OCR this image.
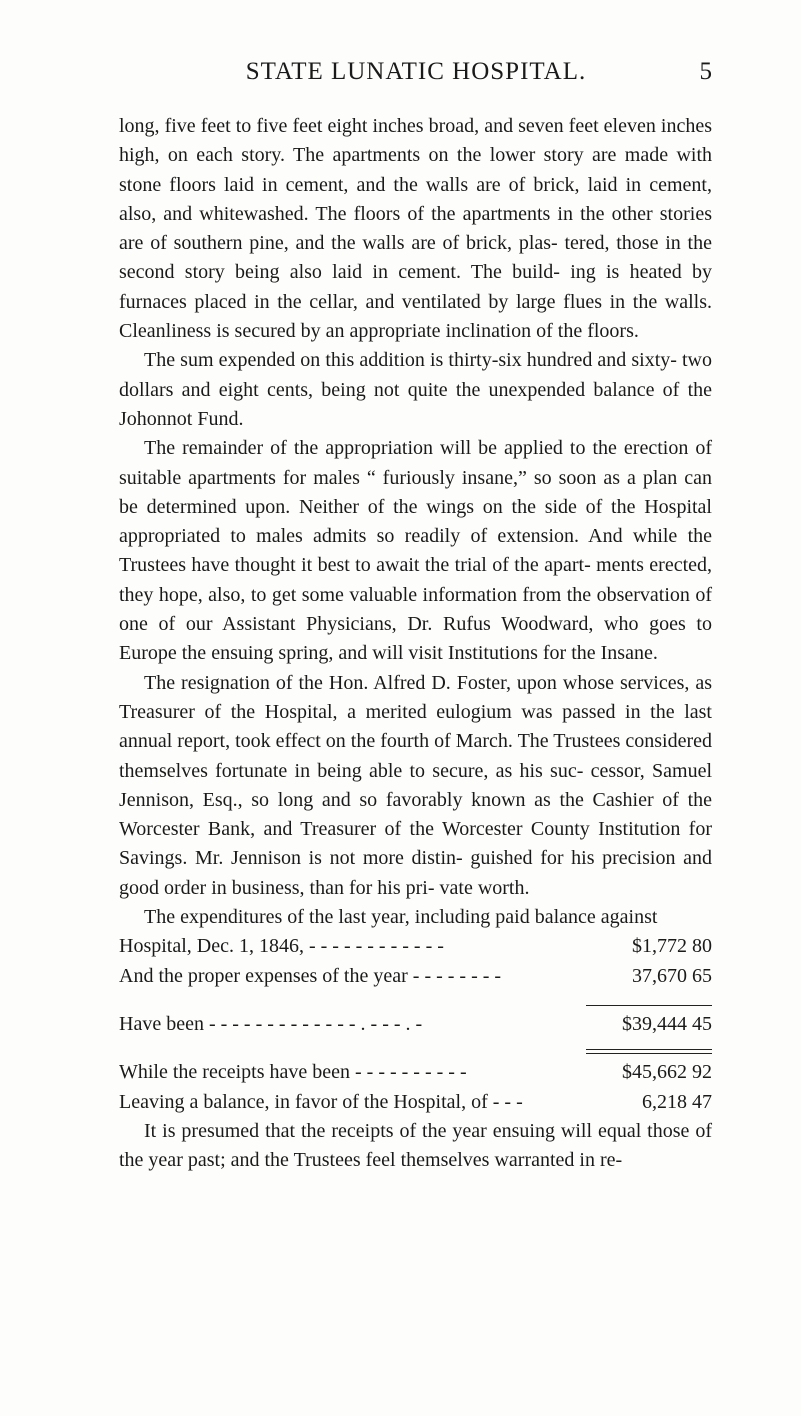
STATE LUNATIC HOSPITAL.	5

long, five feet to five feet eight inches broad, and seven feet eleven inches high, on each story. The apartments on the lower story are made with stone floors laid in cement, and the walls are of brick, laid in cement, also, and whitewashed. The floors of the apartments in the other stories are of southern pine, and the walls are of brick, plas- tered, those in the second story being also laid in cement. The build- ing is heated by furnaces placed in the cellar, and ventilated by large flues in the walls. Cleanliness is secured by an appropriate inclination of the floors.

The sum expended on this addition is thirty-six hundred and sixty- two dollars and eight cents, being not quite the unexpended balance of the Johonnot Fund.

The remainder of the appropriation will be applied to the erection of suitable apartments for males “ furiously insane,” so soon as a plan can be determined upon. Neither of the wings on the side of the Hospital appropriated to males admits so readily of extension. And while the Trustees have thought it best to await the trial of the apart- ments erected, they hope, also, to get some valuable information from the observation of one of our Assistant Physicians, Dr. Rufus Woodward, who goes to Europe the ensuing spring, and will visit Institutions for the Insane.

The resignation of the Hon. Alfred D. Foster, upon whose services, as Treasurer of the Hospital, a merited eulogium was passed in the last annual report, took effect on the fourth of March. The Trustees considered themselves fortunate in being able to secure, as his suc- cessor, Samuel Jennison, Esq., so long and so favorably known as the Cashier of the Worcester Bank, and Treasurer of the Worcester County Institution for Savings. Mr. Jennison is not more distin- guished for his precision and good order in business, than for his pri- vate worth.

The expenditures of the last year, including paid balance against

Hospital, Dec. 1, 1846, - - - - - - - - - - - -	$1,772 80
And the proper expenses of the year - - - - - - - -	37,670 65
Have been - - - - - - - - - - - - - . - - - . -	$39,444 45
While the receipts have been - - - - - - - - - -	$45,662 92
Leaving a balance, in favor of the Hospital, of - - -	6,218 47

It is presumed that the receipts of the year ensuing will equal those of the year past; and the Trustees feel themselves warranted in re-
